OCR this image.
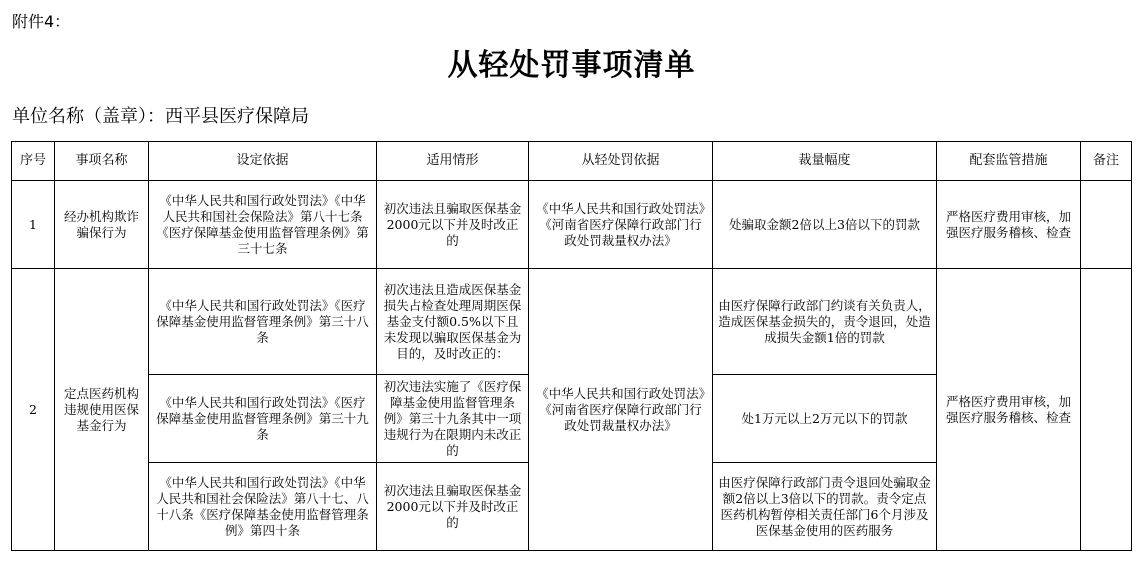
附件4：
从轻处罚事项清单
单位名称（盖章）：西平县医疗保障局
序号	事项名称	设定依据	适用情形	从轻处罚依据	裁量幅度	配套监管措施	备注
1	经办机构欺诈骗保行为	《中华人民共和国行政处罚法》《中华人民共和国社会保险法》第八十七条《医疗保障基金使用监督管理条例》第三十七条	初次违法且骗取医保基金2000元以下并及时改正的	《中华人民共和国行政处罚法》《河南省医疗保障行政部门行政处罚裁量权办法》	处骗取金额2倍以上3倍以下的罚款	严格医疗费用审核，加强医疗服务稽核、检查	
2	定点医药机构违规使用医保基金行为	《中华人民共和国行政处罚法》《医疗保障基金使用监督管理条例》第三十八条	初次违法且造成医保基金损失占检查处理周期医保基金支付额0.5%以下且未发现以骗取医保基金为目的，及时改正的：	《中华人民共和国行政处罚法》《河南省医疗保障行政部门行政处罚裁量权办法》	由医疗保障行政部门约谈有关负责人，造成医保基金损失的，责令退回，处造成损失金额1倍的罚款	严格医疗费用审核，加强医疗服务稽核、检查	
		《中华人民共和国行政处罚法》《医疗保障基金使用监督管理条例》第三十九条	初次违法实施了《医疗保障基金使用监督管理条例》第三十九条其中一项违规行为在限期内未改正的		处1万元以上2万元以下的罚款		
		《中华人民共和国行政处罚法》《中华人民共和国社会保险法》第八十七、八十八条《医疗保障基金使用监督管理条例》第四十条	初次违法且骗取医保基金2000元以下并及时改正的		由医疗保障行政部门责令退回处骗取金额2倍以上3倍以下的罚款。责令定点医药机构暂停相关责任部门6个月涉及医保基金使用的医药服务		
